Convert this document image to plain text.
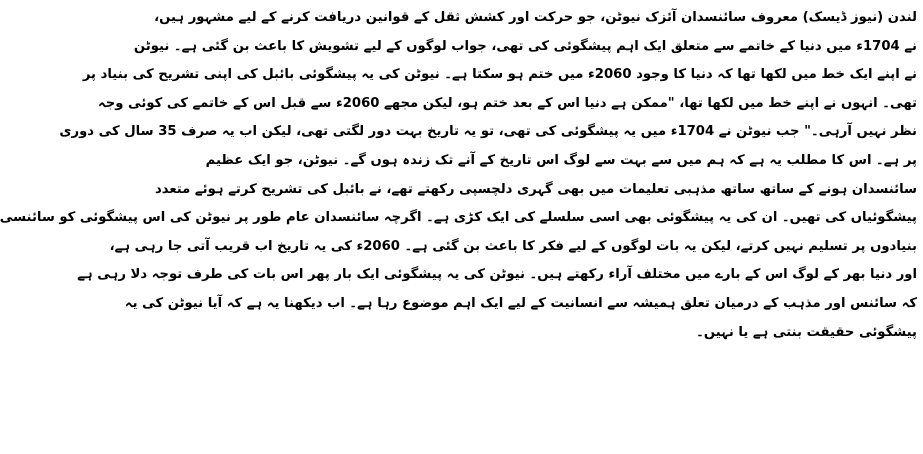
لندن (نیوز ڈیسک) معروف سائنسدان آئزک نیوٹن، جو حرکت اور کشش ثقل کے قوانین دریافت کرنے کے لیے مشہور ہیں،
نے 1704ء میں دنیا کے خاتمے سے متعلق ایک اہم پیشگوئی کی تھی، جواب لوگوں کے لیے تشویش کا باعث بن گئی ہے۔ نیوٹن
نے اپنے ایک خط میں لکھا تھا کہ دنیا کا وجود 2060ء میں ختم ہو سکتا ہے۔ نیوٹن کی یہ پیشگوئی بائبل کی اپنی تشریح کی بنیاد پر
تھی۔ انہوں نے اپنے خط میں لکھا تھا، "ممکن ہے دنیا اس کے بعد ختم ہو، لیکن مجھے 2060ء سے قبل اس کے خاتمے کی کوئی وجہ
نظر نہیں آرہی۔" جب نیوٹن نے 1704ء میں یہ پیشگوئی کی تھی، تو یہ تاریخ بہت دور لگتی تھی، لیکن اب یہ صرف 35 سال کی دوری
پر ہے۔ اس کا مطلب یہ ہے کہ ہم میں سے بہت سے لوگ اس تاریخ کے آنے تک زندہ ہوں گے۔ نیوٹن، جو ایک عظیم
سائنسدان ہونے کے ساتھ ساتھ مذہبی تعلیمات میں بھی گہری دلچسپی رکھتے تھے، نے بائبل کی تشریح کرتے ہوئے متعدد
پیشگوئیاں کی تھیں۔ ان کی یہ پیشگوئی بھی اسی سلسلے کی ایک کڑی ہے۔ اگرچہ سائنسدان عام طور پر نیوٹن کی اس پیشگوئی کو سائنسی
بنیادوں پر تسلیم نہیں کرتے، لیکن یہ بات لوگوں کے لیے فکر کا باعث بن گئی ہے۔ 2060ء کی یہ تاریخ اب قریب آتی جا رہی ہے،
اور دنیا بھر کے لوگ اس کے بارے میں مختلف آراء رکھتے ہیں۔ نیوٹن کی یہ پیشگوئی ایک بار پھر اس بات کی طرف توجہ دلا رہی ہے
کہ سائنس اور مذہب کے درمیان تعلق ہمیشہ سے انسانیت کے لیے ایک اہم موضوع رہا ہے۔ اب دیکھنا یہ ہے کہ آیا نیوٹن کی یہ
پیشگوئی حقیقت بنتی ہے یا نہیں۔
